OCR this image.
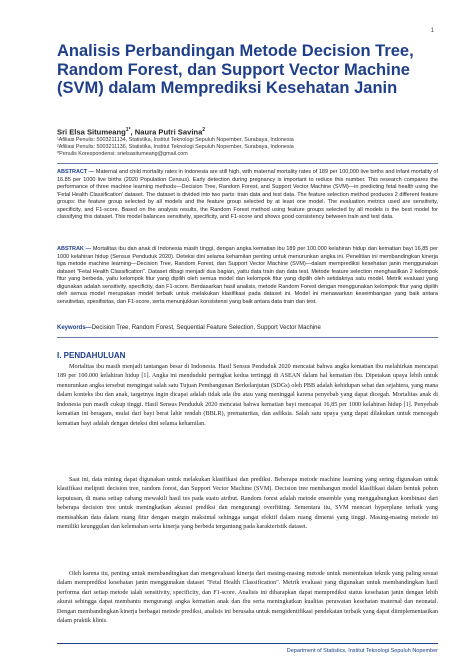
1
Analisis Perbandingan Metode Decision Tree, Random Forest, dan Support Vector Machine (SVM) dalam Memprediksi Kesehatan Janin
Sri Elsa Situmeang$^{1*}$, Naura Putri Savina$^2$
¹Afiliasi Penulis: 5003211134, Statistika, Institut Teknologi Sepuluh Nopember, Surabaya, Indonesia
²Afiliasi Penulis: 5003211136, Statistika, Institut Teknologi Sepuluh Nopember, Surabaya, Indonesia
*Penulis Korespondensi: srielsasitumeang@gmail.com

ABSTRACT — Maternal and child mortality rates in Indonesia are still high, with maternal mortality rates of 189 per 100,000 live births and infant mortality of 16.85 per 1000 live births (2020 Population Census). Early detection during pregnancy is important to reduce this number. This research compares the performance of three machine learning methods—Decision Tree, Random Forest, and Support Vector Machine (SVM)—in predicting fetal health using the 'Fetal Health Classification' dataset. The dataset is divided into two parts: train data and test data. The feature selection method produces 2 different feature groups: the feature group selected by all models and the feature group selected by at least one model. The evaluation metrics used are sensitivity, specificity, and F1-score. Based on the analysis results, the Random Forest method using feature groups selected by all models is the best model for classifying this dataset. This model balances sensitivity, specificity, and F1-score and shows good consistency between train and test data.

ABSTRAK — Mortalitas ibu dan anak di Indonesia masih tinggi, dengan angka kematian ibu 189 per 100.000 kelahiran hidup dan kematian bayi 16,85 per 1000 kelahiran hidup (Sensus Penduduk 2020). Deteksi dini selama kehamilan penting untuk menurunkan angka ini. Penelitian ini membandingkan kinerja tiga metode machine learning—Decision Tree, Random Forest, dan Support Vector Machine (SVM)—dalam memprediksi kesehatan janin menggunakan dataset "Fetal Health Classification". Dataset dibagi menjadi dua bagian, yaitu data train dan data test. Metode feature selection menghasilkan 2 kelompok fitur yang berbeda, yaitu kelompok fitur yang dipilih oleh semua model dan kelompok fitur yang dipilih oleh setidaknya satu model. Metrik evaluasi yang digunakan adalah sensitivity, specificity, dan F1-score. Berdasarkan hasil analisis, metode Random Forest dengan menggunakan kelompok fitur yang dipilih oleh semua model merupakan model terbaik untuk melakukan klasifikasi pada dataset ini. Model ini menawarkan keseimbangan yang baik antara sensitivitas, spesifisitas, dan F1-score, serta menunjukkan konsistensi yang baik antara data train dan test.

Keywords—Decision Tree, Random Forest, Sequential Feature Selection, Support Vector Machine
I. PENDAHULUAN

Mortalitas ibu masih menjadi tantangan besar di Indonesia. Hasil Sensus Penduduk 2020 mencatat bahwa angka kematian ibu melahirkan mencapai 189 per 100.000 kelahiran hidup [1]. Angka ini menduduki peringkat kedua tertinggi di ASEAN dalam hal kematian ibu. Dipetakan upaya lebih untuk menurunkan angka tersebut mengingat salah satu Tujuan Pembangunan Berkelanjutan (SDGs) oleh PBB adalah kehidupan sehat dan sejahtera, yang mana dalam konteks ibu dan anak, targetnya ingin dicapai adalah tidak ada ibu atau yang meninggal karena penyebab yang dapat dicegah. Mortalitas anak di Indonesia pun masih cukup tinggi. Hasil Sensus Penduduk 2020 mencatat bahwa kematian bayi mencapai 16,85 per 1000 kelahiran hidup [1]. Penyebab kematian ini beragam, mulai dari bayi berat lahir rendah (BBLR), prematuritas, dan asfiksia. Salah satu upaya yang dapat dilakukan untuk mencegah kematian bayi adalah dengan deteksi dini selama kehamilan.

Saat ini, data mining dapat digunakan untuk melakukan klasifikasi dan prediksi. Beberapa metode machine learning yang sering digunakan untuk klasifikasi meliputi decision tree, random forest, dan Support Vector Machine (SVM). Decision tree membangun model klasifikasi dalam bentuk pohon keputusan, di mana setiap cabang mewakili hasil tes pada suatu atribut. Random forest adalah metode ensemble yang menggabungkan kombinasi dari beberapa decision tree untuk meningkatkan akurasi prediksi dan mengurangi overfitting. Sementara itu, SVM mencari hyperplane terbaik yang memisahkan data dalam ruang fitur dengan margin maksimal sehingga sangat efektif dalam ruang dimensi yang tinggi. Masing-masing metode ini memiliki keunggulan dan kelemahan serta kinerja yang berbeda tergantung pada karakteristik dataset.

Oleh karena itu, penting untuk membandingkan dan mengevaluasi kinerja dari masing-masing metode untuk menentukan teknik yang paling sesuai dalam memprediksi kesehatan janin menggunakan dataset "Fetal Health Classification". Metrik evaluasi yang digunakan untuk membandingkan hasil performa dari setiap metode ialah sensitivity, specificity, dan F1-score. Analisis ini diharapkan dapat memprediksi status kesehatan janin dengan lebih akurat sehingga dapat membantu mengurangi angka kematian anak dan ibu serta meningkatkan kualitas perawatan kesehatan maternal dan neonatal. Dengan membandingkan kinerja berbagai metode prediksi, analisis ini berusaha untuk mengidentifikasi pendekatan terbaik yang dapat diimplementasikan dalam praktik klinis.

Department of Statistics, Institut Teknologi Sepuluh Nopember
